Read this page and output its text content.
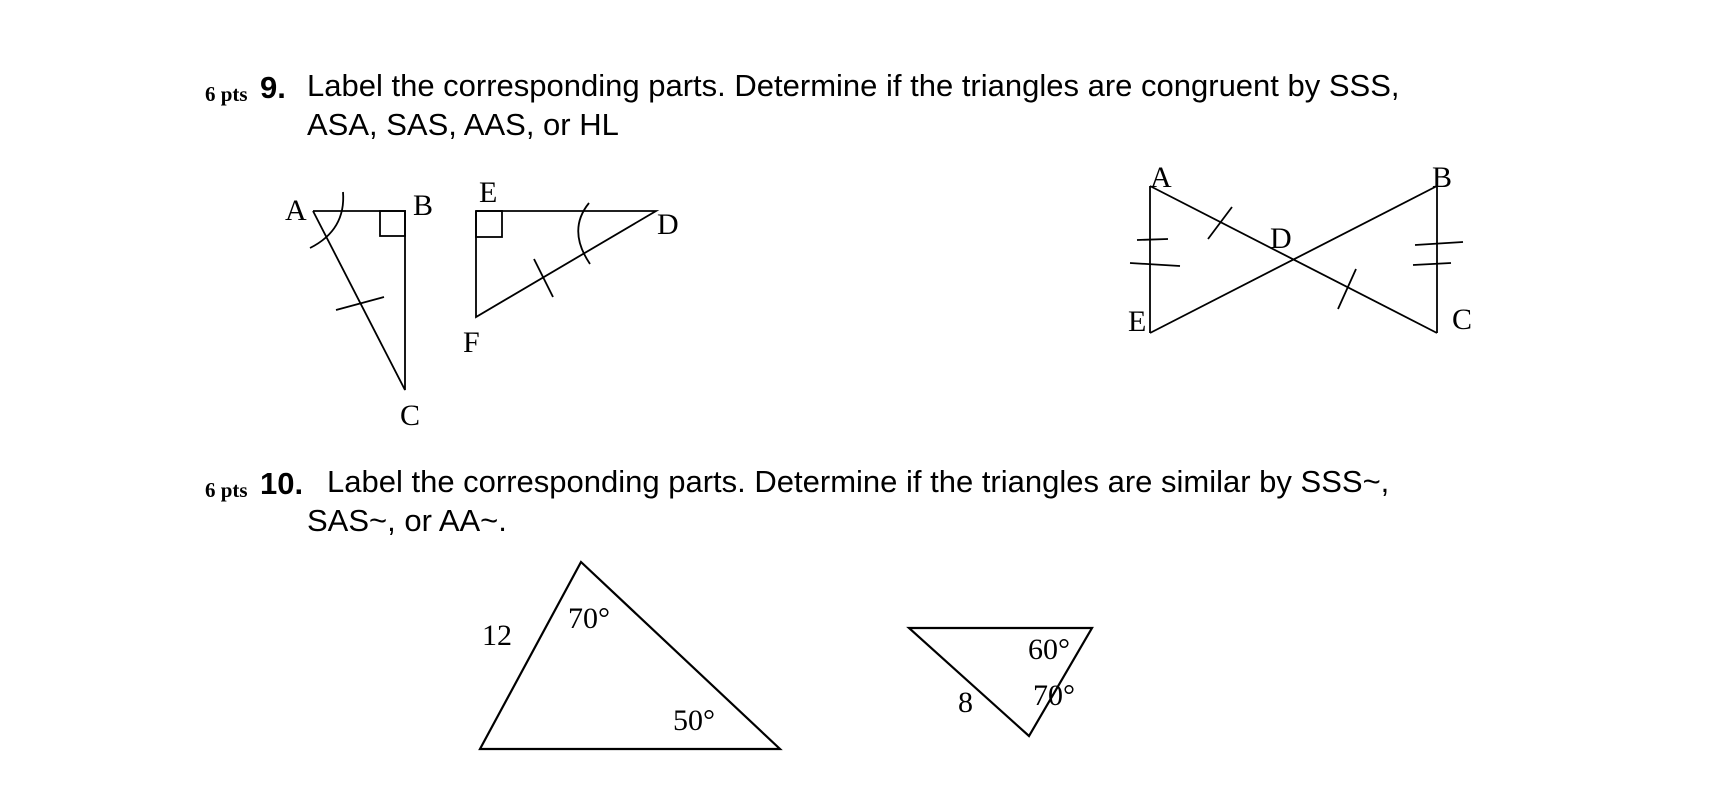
6 pts 9. Label the corresponding parts. Determine if the triangles are congruent by SSS,
ASA, SAS, AAS, or HL
6 pts 10. Label the corresponding parts. Determine if the triangles are similar by SSS~,
SAS~, or AA~.
A	B
C
D
E
F
A	B
C
D
E
12
70°
50°
8
60°
70°
